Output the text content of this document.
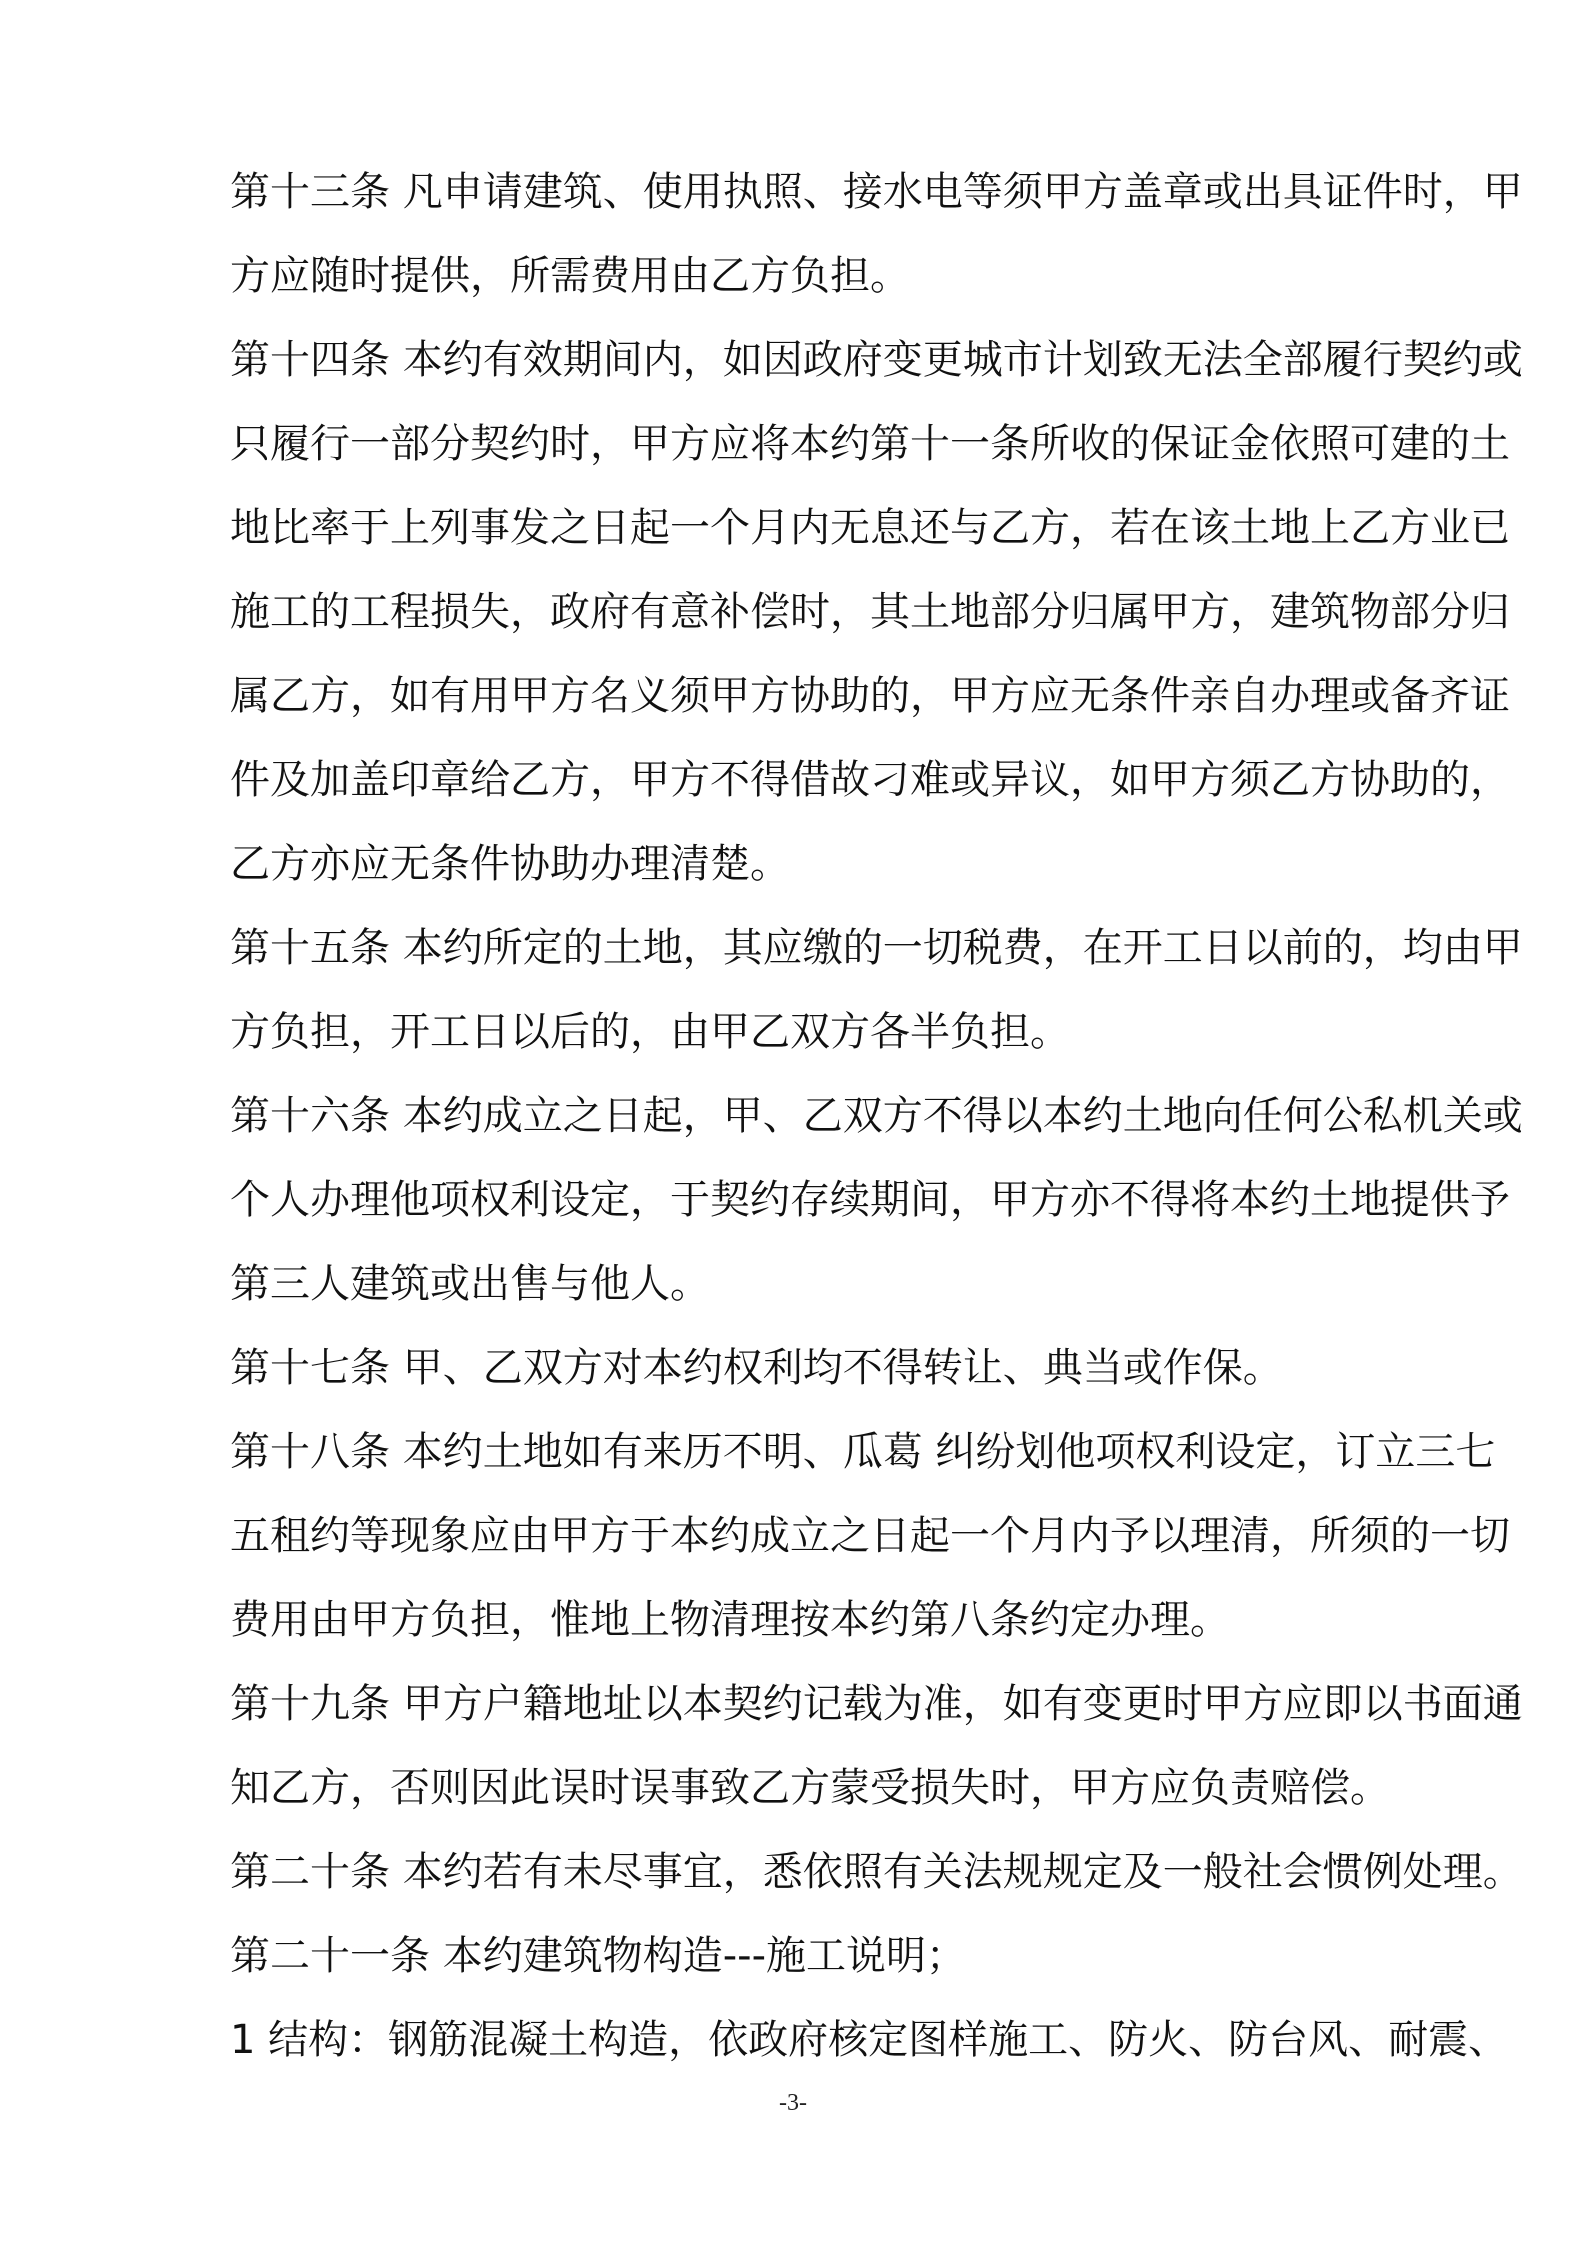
第十三条 凡申请建筑、使用执照、接水电等须甲方盖章或出具证件时，甲
方应随时提供，所需费用由乙方负担。
第十四条 本约有效期间内，如因政府变更城市计划致无法全部履行契约或
只履行一部分契约时，甲方应将本约第十一条所收的保证金依照可建的土
地比率于上列事发之日起一个月内无息还与乙方，若在该土地上乙方业已
施工的工程损失，政府有意补偿时，其土地部分归属甲方，建筑物部分归
属乙方，如有用甲方名义须甲方协助的，甲方应无条件亲自办理或备齐证
件及加盖印章给乙方，甲方不得借故刁难或异议，如甲方须乙方协助的，
乙方亦应无条件协助办理清楚。
第十五条 本约所定的土地，其应缴的一切税费，在开工日以前的，均由甲
方负担，开工日以后的，由甲乙双方各半负担。
第十六条 本约成立之日起，甲、乙双方不得以本约土地向任何公私机关或
个人办理他项权利设定，于契约存续期间，甲方亦不得将本约土地提供予
第三人建筑或出售与他人。
第十七条 甲、乙双方对本约权利均不得转让、典当或作保。
第十八条 本约土地如有来历不明、瓜葛 纠纷划他项权利设定，订立三七
五租约等现象应由甲方于本约成立之日起一个月内予以理清，所须的一切
费用由甲方负担，惟地上物清理按本约第八条约定办理。
第十九条 甲方户籍地址以本契约记载为准，如有变更时甲方应即以书面通
知乙方，否则因此误时误事致乙方蒙受损失时，甲方应负责赔偿。
第二十条 本约若有未尽事宜，悉依照有关法规规定及一般社会惯例处理。
第二十一条 本约建筑物构造---施工说明；
1 结构：钢筋混凝土构造，依政府核定图样施工、防火、防台风、耐震、
-3-
